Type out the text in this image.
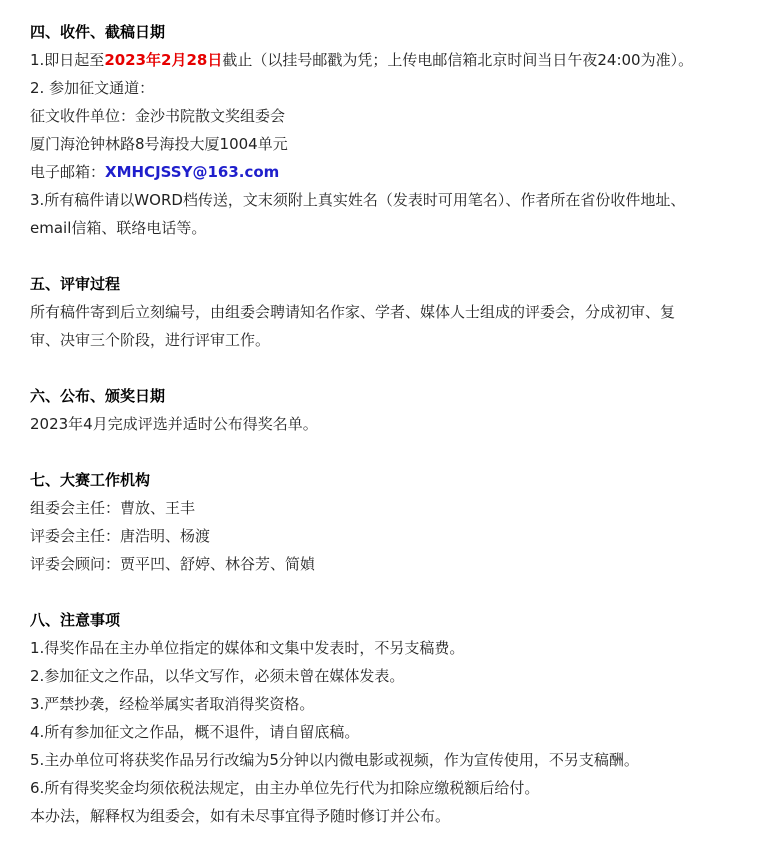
四、收件、截稿日期
1.即日起至2023年2月28日截止（以挂号邮戳为凭；上传电邮信箱北京时间当日午夜24:00为准）。
2. 参加征文通道：
征文收件单位：金沙书院散文奖组委会
厦门海沧钟林路8号海投大厦1004单元
电子邮箱：XMHCJSSY@163.com
3.所有稿件请以WORD档传送，文末须附上真实姓名（发表时可用笔名）、作者所在省份收件地址、
email信箱、联络电话等。
五、评审过程
所有稿件寄到后立刻编号，由组委会聘请知名作家、学者、媒体人士组成的评委会，分成初审、复
审、决审三个阶段，进行评审工作。
六、公布、颁奖日期
2023年4月完成评选并适时公布得奖名单。
七、大赛工作机构
组委会主任：曹放、王丰
评委会主任：唐浩明、杨渡
评委会顾问：贾平凹、舒婷、林谷芳、简媜
八、注意事项
1.得奖作品在主办单位指定的媒体和文集中发表时，不另支稿费。
2.参加征文之作品，以华文写作，必须未曾在媒体发表。
3.严禁抄袭，经检举属实者取消得奖资格。
4.所有参加征文之作品，概不退件，请自留底稿。
5.主办单位可将获奖作品另行改编为5分钟以内微电影或视频，作为宣传使用，不另支稿酬。
6.所有得奖奖金均须依税法规定，由主办单位先行代为扣除应缴税额后给付。
本办法，解释权为组委会，如有未尽事宜得予随时修订并公布。
